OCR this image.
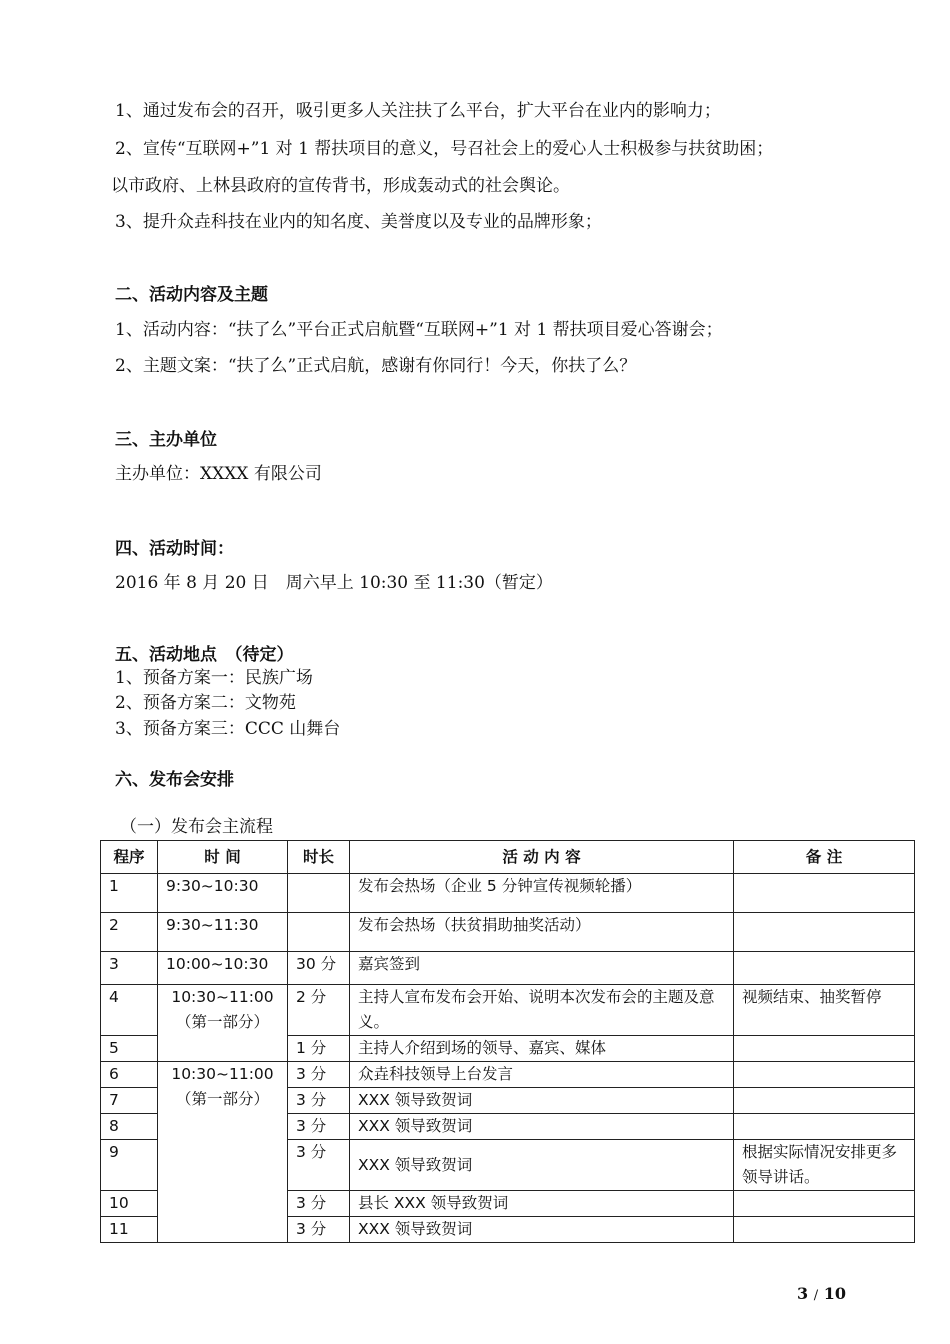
1、通过发布会的召开，吸引更多人关注扶了么平台，扩大平台在业内的影响力；
2、宣传“互联网+”1 对 1 帮扶项目的意义，号召社会上的爱心人士积极参与扶贫助困；
以市政府、上林县政府的宣传背书，形成轰动式的社会舆论。
3、提升众垚科技在业内的知名度、美誉度以及专业的品牌形象；
二、活动内容及主题
1、活动内容：“扶了么”平台正式启航暨“互联网+”1 对 1 帮扶项目爱心答谢会；
2、主题文案：“扶了么”正式启航，感谢有你同行！今天，你扶了么？
三、主办单位
主办单位：XXXX 有限公司
四、活动时间：
2016 年 8 月 20 日　周六早上 10:30 至 11:30（暂定）
五、活动地点　（待定）
1、预备方案一：民族广场
2、预备方案二：文物苑
3、预备方案三：CCC 山舞台
六、发布会安排
（一）发布会主流程
程序	时 间	时长	活 动 内 容	备 注
1	9:30~10:30		发布会热场（企业 5 分钟宣传视频轮播）	
2	9:30~11:30		发布会热场（扶贫捐助抽奖活动）	
3	10:00~10:30	30 分	嘉宾签到	
4	10:30~11:00
（第一部分）	2 分	主持人宣布发布会开始、说明本次发布会的主题及意义。	视频结束、抽奖暂停
5		1 分	主持人介绍到场的领导、嘉宾、媒体	
6	10:30~11:00
（第一部分）	3 分	众垚科技领导上台发言	
7		3 分	XXX 领导致贺词	
8		3 分	XXX 领导致贺词	
9		3 分	XXX 领导致贺词	根据实际情况安排更多领导讲话。
10		3 分	县长 XXX 领导致贺词	
11		3 分	XXX 领导致贺词	
3 / 10
